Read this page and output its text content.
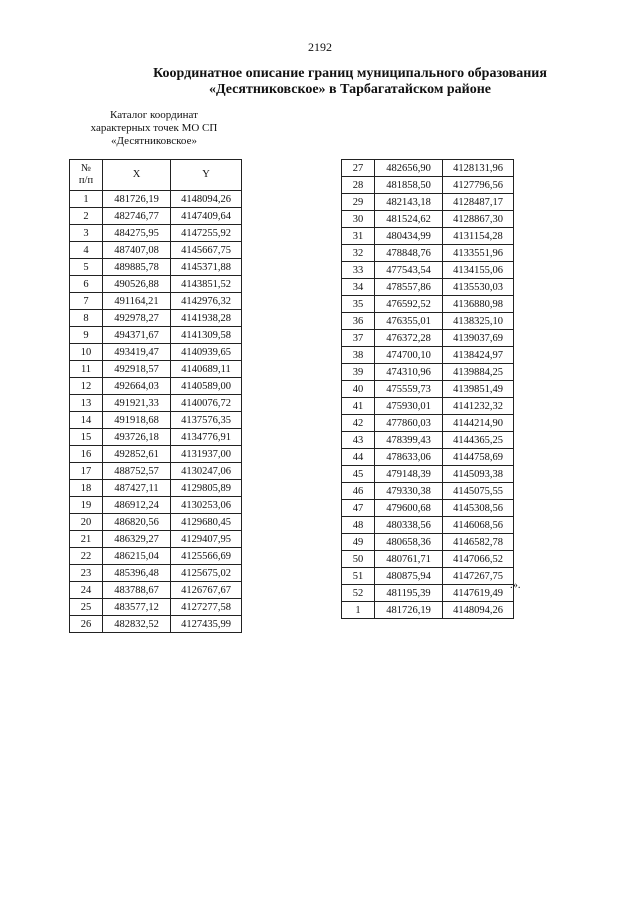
2192
Координатное описание границ муниципального образования
«Десятниковское» в Тарбагатайском районе
Каталог координат
характерных точек МО СП
«Десятниковское»
№
п/п	X	Y
1	481726,19	4148094,26
2	482746,77	4147409,64
3	484275,95	4147255,92
4	487407,08	4145667,75
5	489885,78	4145371,88
6	490526,88	4143851,52
7	491164,21	4142976,32
8	492978,27	4141938,28
9	494371,67	4141309,58
10	493419,47	4140939,65
11	492918,57	4140689,11
12	492664,03	4140589,00
13	491921,33	4140076,72
14	491918,68	4137576,35
15	493726,18	4134776,91
16	492852,61	4131937,00
17	488752,57	4130247,06
18	487427,11	4129805,89
19	486912,24	4130253,06
20	486820,56	4129680,45
21	486329,27	4129407,95
22	486215,04	4125566,69
23	485396,48	4125675,02
24	483788,67	4126767,67
25	483577,12	4127277,58
26	482832,52	4127435,99
27	482656,90	4128131,96
28	481858,50	4127796,56
29	482143,18	4128487,17
30	481524,62	4128867,30
31	480434,99	4131154,28
32	478848,76	4133551,96
33	477543,54	4134155,06
34	478557,86	4135530,03
35	476592,52	4136880,98
36	476355,01	4138325,10
37	476372,28	4139037,69
38	474700,10	4138424,97
39	474310,96	4139884,25
40	475559,73	4139851,49
41	475930,01	4141232,32
42	477860,03	4144214,90
43	478399,43	4144365,25
44	478633,06	4144758,69
45	479148,39	4145093,38
46	479330,38	4145075,55
47	479600,68	4145308,56
48	480338,56	4146068,56
49	480658,36	4146582,78
50	480761,71	4147066,52
51	480875,94	4147267,75
52	481195,39	4147619,49
1	481726,19	4148094,26
.».
